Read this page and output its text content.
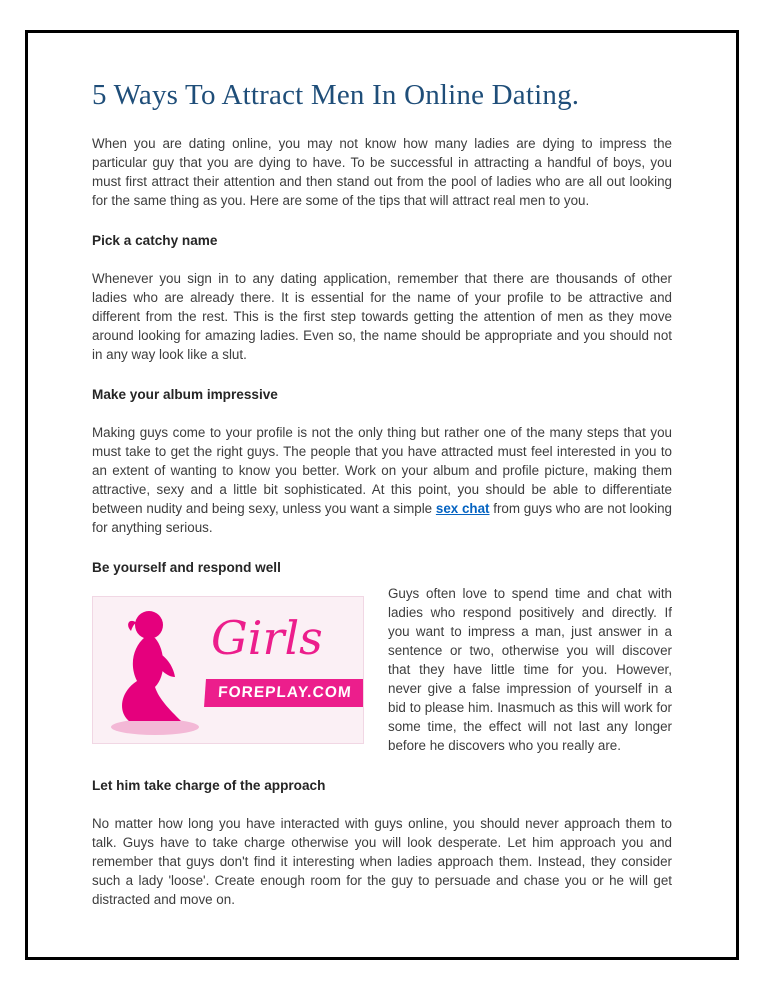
5 Ways To Attract Men In Online Dating.

When you are dating online, you may not know how many ladies are dying to impress the particular guy that you are dying to have. To be successful in attracting a handful of boys, you must first attract their attention and then stand out from the pool of ladies who are all out looking for the same thing as you. Here are some of the tips that will attract real men to you.

Pick a catchy name

Whenever you sign in to any dating application, remember that there are thousands of other ladies who are already there. It is essential for the name of your profile to be attractive and different from the rest. This is the first step towards getting the attention of men as they move around looking for amazing ladies. Even so, the name should be appropriate and you should not in any way look like a slut.

Make your album impressive

Making guys come to your profile is not the only thing but rather one of the many steps that you must take to get the right guys. The people that you have attracted must feel interested in you to an extent of wanting to know you better. Work on your album and profile picture, making them attractive, sexy and a little bit sophisticated. At this point, you should be able to differentiate between nudity and being sexy, unless you want a simple sex chat from guys who are not looking for anything serious.

Be yourself and respond well
Girls
FOREPLAY.COM

Guys often love to spend time and chat with ladies who respond positively and directly. If you want to impress a man, just answer in a sentence or two, otherwise you will discover that they have little time for you. However, never give a false impression of yourself in a bid to please him. Inasmuch as this will work for some time, the effect will not last any longer before he discovers who you really are.

Let him take charge of the approach

No matter how long you have interacted with guys online, you should never approach them to talk. Guys have to take charge otherwise you will look desperate. Let him approach you and remember that guys don't find it interesting when ladies approach them. Instead, they consider such a lady 'loose'. Create enough room for the guy to persuade and chase you or he will get distracted and move on.
